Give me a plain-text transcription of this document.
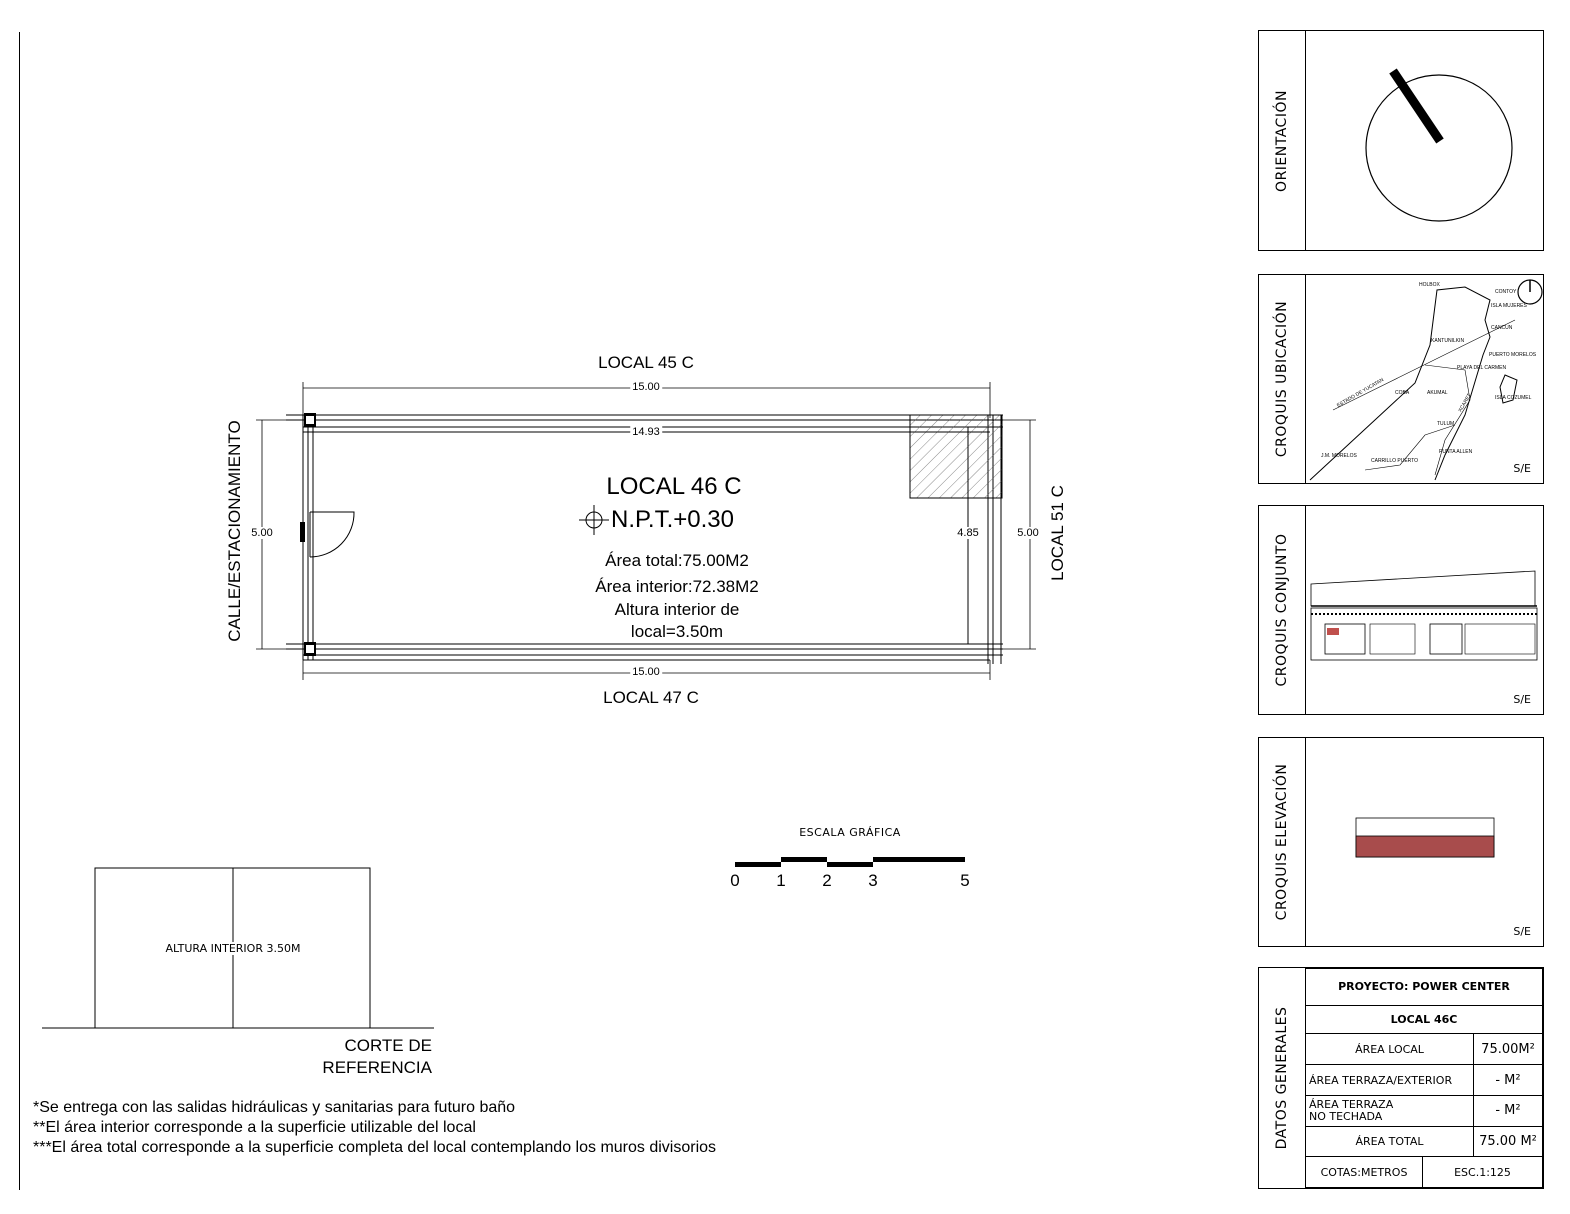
LOCAL 45 C
LOCAL 47 C
LOCAL 51 C
CALLE/ESTACIONAMIENTO
15.00
14.93
15.00
5.00	4.85	5.00
LOCAL 46 C
N.P.T.+0.30
Área total:75.00M2
Área interior:72.38M2
Altura interior de
local=3.50m
ESCALA GRÁFICA
0 1 2 3	5
ALTURA INTERIOR 3.50M
CORTE DE
REFERENCIA
*Se entrega con las salidas hidráulicas y sanitarias para futuro baño
**El área interior corresponde a la superficie utilizable del local
***El área total corresponde a la superficie completa del local contemplando los muros divisorios
ORIENTACIÓN
CROQUIS UBICACIÓN
HOLBOX
CONTOY
ISLA MUJERES
CANCUN
KANTUNILKIN
PUERTO MORELOS
PLAYA DEL CARMEN
ESTADO DE YUCATAN COBA	AKUMAL XCARET	ISLA COZUMEL
TULUM
PUNTA ALLEN
J.M. MORELOS
CARRILLO PUERTO
S/E
CROQUIS CONJUNTO
S/E
CROQUIS ELEVACIÓN
S/E
DATOS GENERALES
PROYECTO: POWER CENTER		
LOCAL 46C		
ÁREA LOCAL		75.00M²
ÁREA TERRAZA/EXTERIOR		- M²

ÁREA TERRAZA
NO TECHADA		- M²
ÁREA TOTAL		75.00 M²
COTAS:METROS	ESC.1:125	
